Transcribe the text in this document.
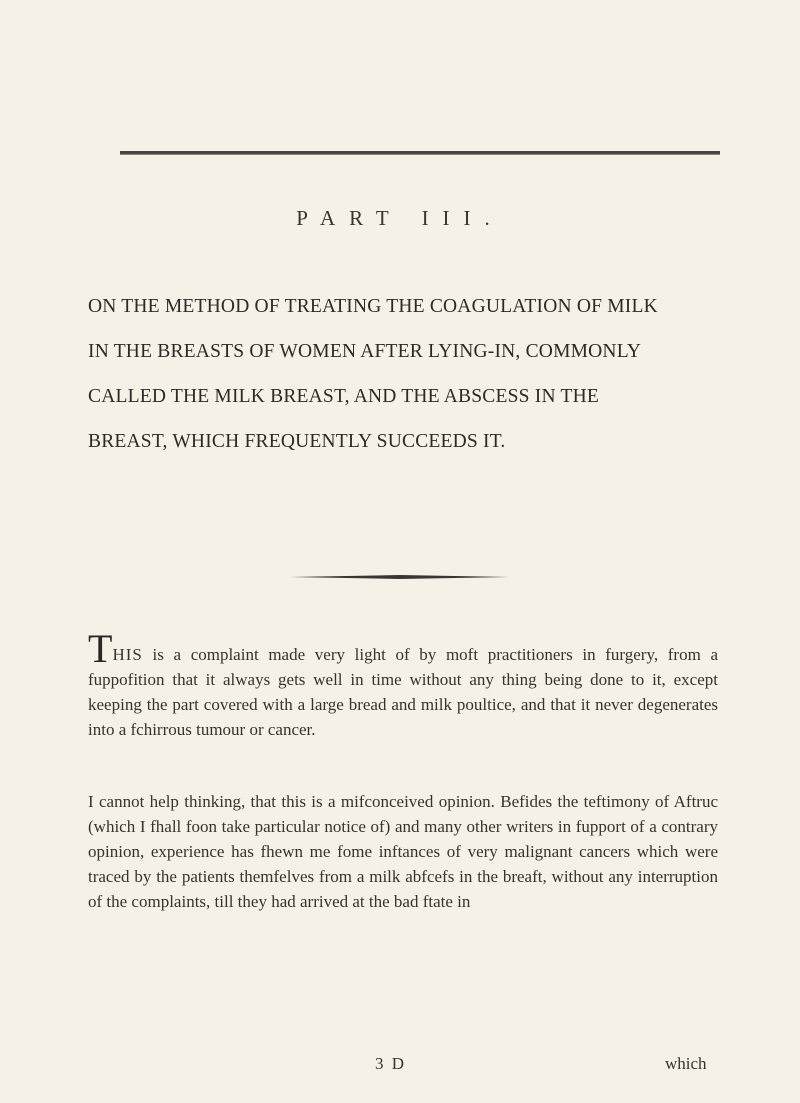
PART III.
ON THE METHOD OF TREATING THE COAGULATION OF MILK
IN THE BREASTS OF WOMEN AFTER LYING-IN, COMMONLY
CALLED THE MILK BREAST, AND THE ABSCESS IN THE
BREAST, WHICH FREQUENTLY SUCCEEDS IT.

THIS is a complaint made very light of by moft practitioners in furgery, from a fuppofition that it always gets well in time without any thing being done to it, except keeping the part covered with a large bread and milk poultice, and that it never degenerates into a fchirrous tumour or cancer.

I cannot help thinking, that this is a mifconceived opinion. Befides the teftimony of Aftruc (which I fhall foon take particular notice of) and many other writers in fupport of a contrary opinion, experience has fhewn me fome inftances of very malignant cancers which were traced by the patients themfelves from a milk abfcefs in the breaft, without any interruption of the complaints, till they had arrived at the bad ftate in

3 D	which
